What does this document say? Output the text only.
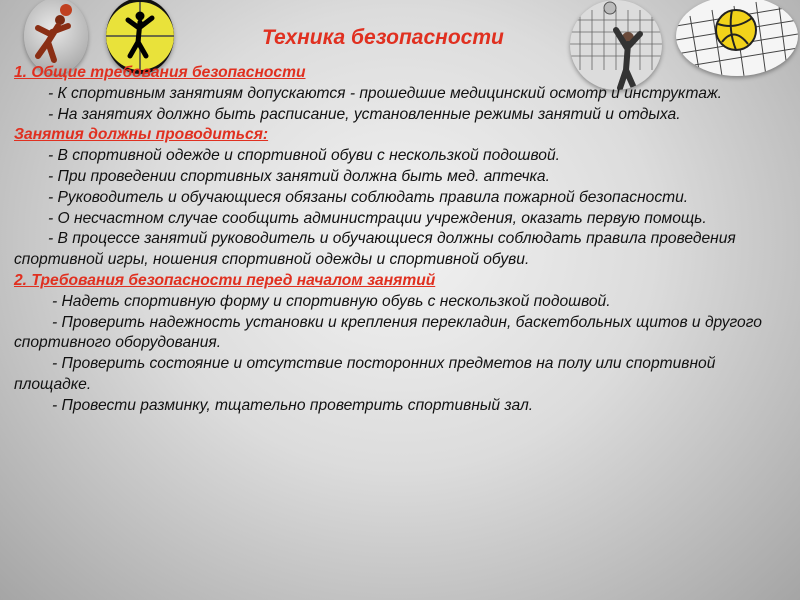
Техника безопасности

1. Общие требования безопасности

- К спортивным занятиям допускаются - прошедшие медицинский осмотр и инструктаж.

- На занятиях должно быть расписание, установленные режимы занятий и отдыха.

Занятия должны проводиться:

- В спортивной одежде и спортивной обуви с нескользкой подошвой.

- При проведении спортивных занятий должна быть мед. аптечка.

- Руководитель и обучающиеся обязаны соблюдать правила пожарной безопасности.

- О несчастном случае сообщить администрации учреждения, оказать первую помощь.

- В процессе занятий руководитель и обучающиеся должны соблюдать правила проведения спортивной игры, ношения спортивной одежды и спортивной обуви.

2. Требования безопасности перед началом занятий

- Надеть спортивную форму и спортивную обувь с нескользкой подошвой.

- Проверить надежность установки и крепления перекладин, баскетбольных щитов и другого спортивного оборудования.

- Проверить состояние и отсутствие посторонних предметов на полу или спортивной площадке.

- Провести разминку, тщательно проветрить спортивный зал.
